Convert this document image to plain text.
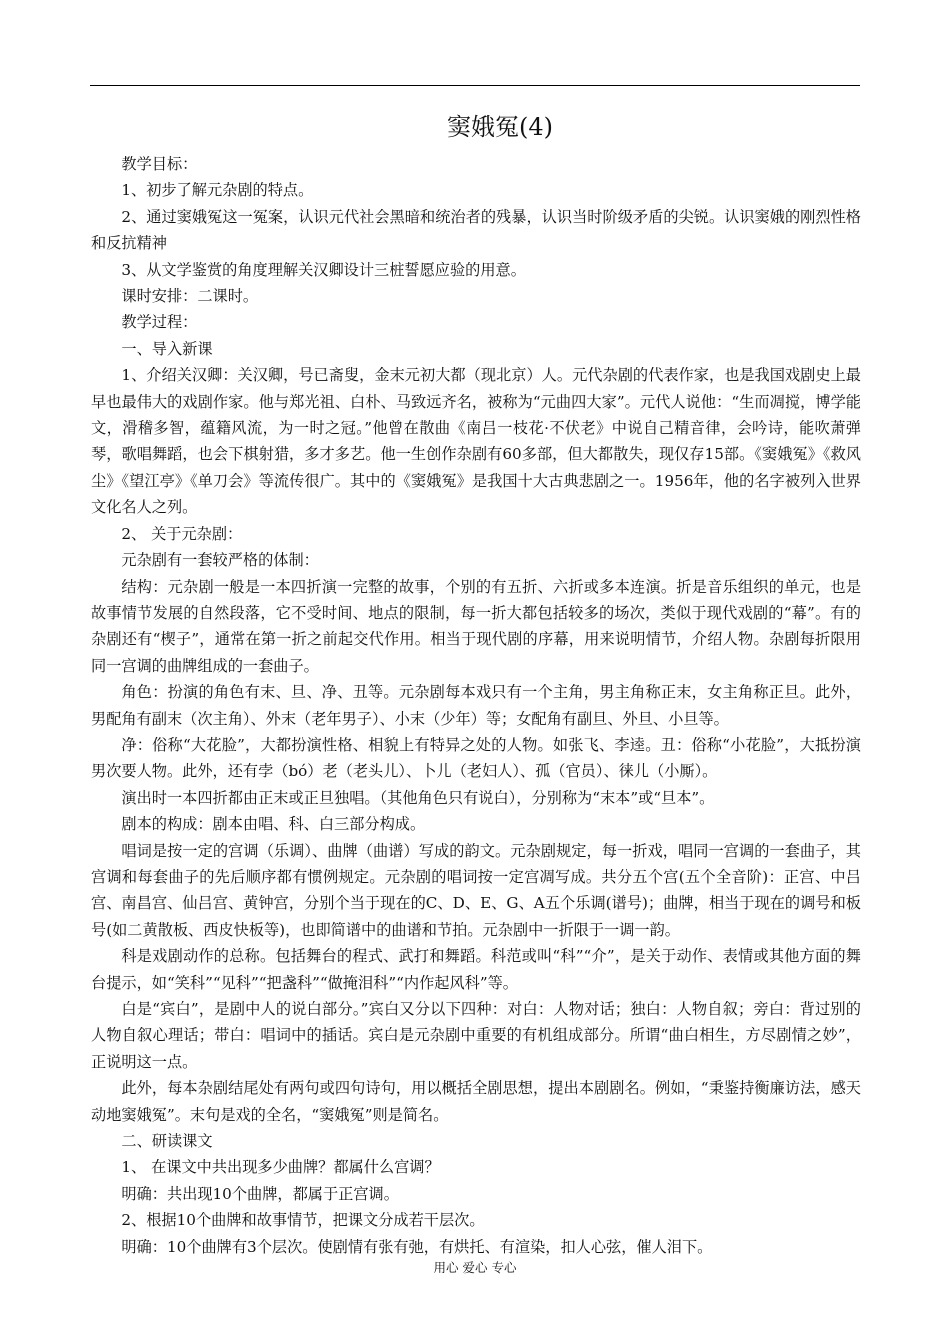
窦娥冤(4)

教学目标：

1、初步了解元杂剧的特点。

2、通过窦娥冤这一冤案，认识元代社会黑暗和统治者的残暴，认识当时阶级矛盾的尖锐。认识窦娥的刚烈性格和反抗精神

3、从文学鉴赏的角度理解关汉卿设计三桩誓愿应验的用意。

课时安排：二课时。

教学过程：

一、导入新课

1、介绍关汉卿：关汉卿，号已斋叟，金末元初大都（现北京）人。元代杂剧的代表作家，也是我国戏剧史上最早也最伟大的戏剧作家。他与郑光祖、白朴、马致远齐名，被称为“元曲四大家”。元代人说他：“生而凋搅，博学能文，滑稽多智，蕴籍风流，为一时之冠。”他曾在散曲《南吕一枝花·不伏老》中说自己精音律，会吟诗，能吹萧弹琴，歌唱舞蹈，也会下棋射猎，多才多艺。他一生创作杂剧有60多部，但大都散失，现仅存15部。《窦娥冤》《救风尘》《望江亭》《单刀会》等流传很广。其中的《窦娥冤》是我国十大古典悲剧之一。1956年，他的名字被列入世界文化名人之列。

2、 关于元杂剧：

元杂剧有一套较严格的体制：

结构：元杂剧一般是一本四折演一完整的故事，个别的有五折、六折或多本连演。折是音乐组织的单元，也是故事情节发展的自然段落，它不受时间、地点的限制，每一折大都包括较多的场次，类似于现代戏剧的“幕”。有的杂剧还有“楔子”，通常在第一折之前起交代作用。相当于现代剧的序幕，用来说明情节，介绍人物。杂剧每折限用同一宫调的曲牌组成的一套曲子。

角色：扮演的角色有末、旦、净、丑等。元杂剧每本戏只有一个主角，男主角称正末，女主角称正旦。此外，男配角有副末（次主角）、外末（老年男子）、小末（少年）等；女配角有副旦、外旦、小旦等。

净：俗称“大花脸”，大都扮演性格、相貌上有特异之处的人物。如张飞、李逵。丑：俗称“小花脸”，大抵扮演男次要人物。此外，还有孛（bó）老（老头儿）、卜儿（老妇人）、孤（官员）、徕儿（小厮）。

演出时一本四折都由正末或正旦独唱。（其他角色只有说白），分别称为“末本”或“旦本”。

剧本的构成：剧本由唱、科、白三部分构成。

唱词是按一定的宫调（乐调）、曲牌（曲谱）写成的韵文。元杂剧规定，每一折戏，唱同一宫调的一套曲子，其宫调和每套曲子的先后顺序都有惯例规定。元杂剧的唱词按一定宫凋写成。共分五个宫(五个全音阶)：正宫、中吕宫、南昌宫、仙吕宫、黄钟宫，分别个当于现在的C、D、E、G、A五个乐调(谱号)；曲牌，相当于现在的调号和板号(如二黄散板、西皮快板等)，也即简谱中的曲谱和节拍。元杂剧中一折限于一调一韵。

科是戏剧动作的总称。包括舞台的程式、武打和舞蹈。科范或叫“科”“介”，是关于动作、表情或其他方面的舞台提示，如“笑科”“见科”“把盏科”“做掩泪科”“内作起风科”等。

白是“宾白”，是剧中人的说白部分。”宾白又分以下四种：对白：人物对话；独白：人物自叙；旁白：背过别的人物自叙心理话；带白：唱词中的插话。宾白是元杂剧中重要的有机组成部分。所谓“曲白相生，方尽剧情之妙”，正说明这一点。

此外，每本杂剧结尾处有两句或四句诗句，用以概括全剧思想，提出本剧剧名。例如，“秉鉴持衡廉访法，感天动地窦娥冤”。末句是戏的全名，“窦娥冤”则是简名。

二、研读课文

1、 在课文中共出现多少曲牌？都属什么宫调？

明确：共出现10个曲牌，都属于正宫调。

2、根据10个曲牌和故事情节，把课文分成若干层次。

明确：10个曲牌有3个层次。使剧情有张有弛，有烘托、有渲染，扣人心弦，催人泪下。

用心 爱心 专心
